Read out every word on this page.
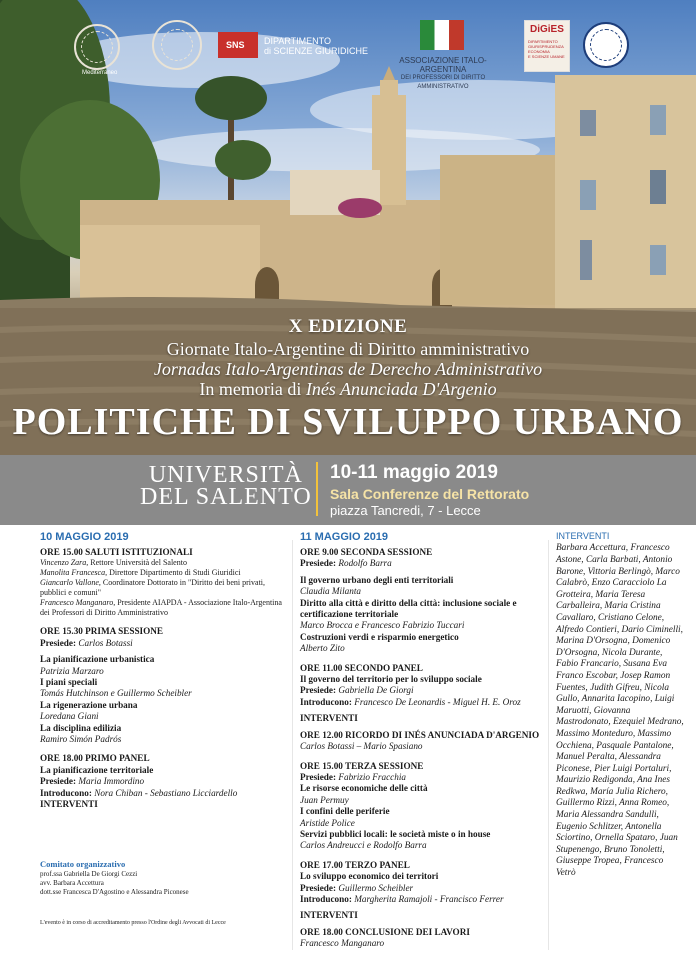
Mediterraneo
SNS DIPARTIMENTO
di SCIENZE GIURIDICHE
ASSOCIAZIONE ITALO-ARGENTINA
DEI PROFESSORI DI DIRITTO AMMINISTRATIVO
DiGiES
DIPARTIMENTO
GIURISPRUDENZA
ECONOMIA
E SCIENZE UMANE
X EDIZIONE
Giornate Italo-Argentine di Diritto amministrativo
Jornadas Italo-Argentinas de Derecho Administrativo
In memoria di Inés Anunciada D'Argenio
POLITICHE DI SVILUPPO URBANO
UNIVERSITÀ
DEL SALENTO
10-11 maggio 2019
Sala Conferenze del Rettorato
piazza Tancredi, 7 - Lecce
10 MAGGIO 2019
ORE 15.00 SALUTI ISTITUZIONALI
Vincenzo Zara, Rettore Università del Salento
Manolita Francesca, Direttore Dipartimento di Studi Giuridici
Giancarlo Vallone, Coordinatore Dottorato in "Diritto dei beni privati, pubblici e comuni"
Francesco Manganaro, Presidente AIAPDA - Associazione Italo-Argentina dei Professori di Diritto Amministrativo
ORE 15.30 PRIMA SESSIONE
Presiede: Carlos Botassi
La pianificazione urbanistica
Patrizia Marzaro
I piani speciali
Tomás Hutchinson e Guillermo Scheibler
La rigenerazione urbana
Loredana Giani
La disciplina edilizia
Ramiro Simón Padrós
ORE 18.00 PRIMO PANEL
La pianificazione territoriale
Presiede: Maria Immordino
Introducono: Nora Chiban - Sebastiano Licciardello
INTERVENTI
Comitato organizzativo
prof.ssa Gabriella De Giorgi Cezzi
avv. Barbara Accettura
dott.sse Francesca D'Agostino e Alessandra Piconese
L'evento è in corso di accreditamento presso l'Ordine degli Avvocati di Lecce
11 MAGGIO 2019
ORE 9.00 SECONDA SESSIONE
Presiede: Rodolfo Barra
Il governo urbano degli enti territoriali
Claudia Milanta
Diritto alla città e diritto della città: inclusione sociale e certificazione territoriale
Marco Brocca e Francesco Fabrizio Tuccari
Costruzioni verdi e risparmio energetico
Alberto Zito
ORE 11.00 SECONDO PANEL
Il governo del territorio per lo sviluppo sociale
Presiede: Gabriella De Giorgi
Introducono: Francesco De Leonardis - Miguel H. E. Oroz
INTERVENTI
ORE 12.00 RICORDO DI INÉS ANUNCIADA D'ARGENIO
Carlos Botassi – Mario Spasiano
ORE 15.00 TERZA SESSIONE
Presiede: Fabrizio Fracchia
Le risorse economiche delle città
Juan Permuy
I confini delle periferie
Aristide Police
Servizi pubblici locali: le società miste o in house
Carlos Andreucci e Rodolfo Barra
ORE 17.00 TERZO PANEL
Lo sviluppo economico dei territori
Presiede: Guillermo Scheibler
Introducono: Margherita Ramajoli - Francisco Ferrer
INTERVENTI
ORE 18.00 CONCLUSIONE DEI LAVORI
Francesco Manganaro
INTERVENTI
Barbara Accettura, Francesco Astone, Carla Barbati, Antonio Barone, Vittoria Berlingò, Marco Calabrò, Enzo Caracciolo La Grotteira, Maria Teresa Carballeira, Maria Cristina Cavallaro, Cristiano Celone, Alfredo Contieri, Dario Ciminelli, Marina D'Orsogna, Domenico D'Orsogna, Nicola Durante, Fabio Francario, Susana Eva Franco Escobar, Josep Ramon Fuentes, Judith Gifreu, Nicola Gullo, Annarita Iacopino, Luigi Maruotti, Giovanna Mastrodonato, Ezequiel Medrano, Massimo Monteduro, Massimo Occhiena, Pasquale Pantalone, Manuel Peralta, Alessandra Piconese, Pier Luigi Portaluri, Maurizio Redigonda, Ana Ines Redkwa, María Julia Richero, Guillermo Rizzi, Anna Romeo, Maria Alessandra Sandulli, Eugenio Schlitzer, Antonella Sciortino, Ornella Spataro, Juan Stupenengo, Bruno Tonoletti, Giuseppe Tropea, Francesco Vetrò
